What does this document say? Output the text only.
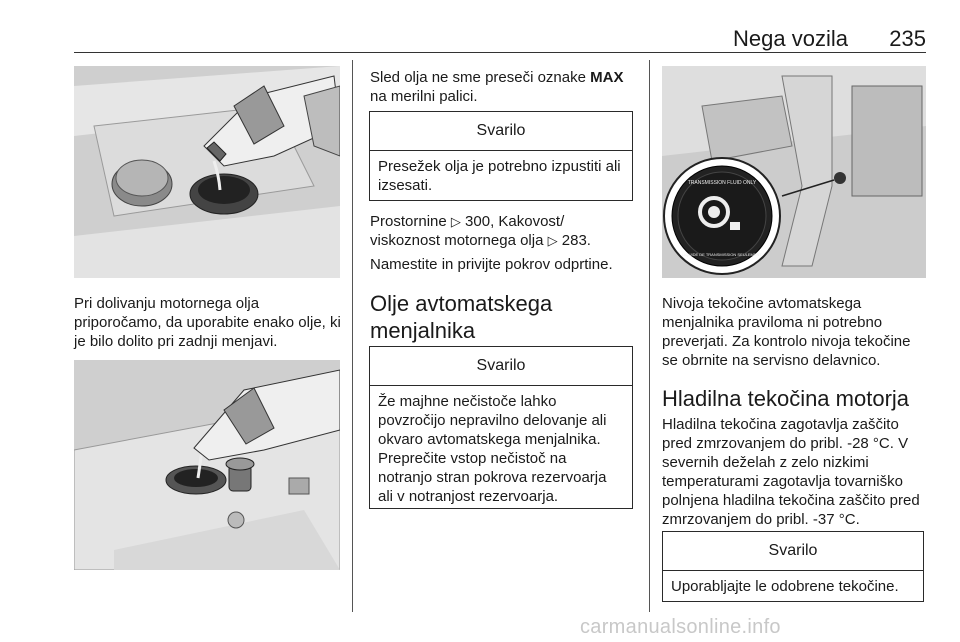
Nega vozila 235

Pri dolivanju motornega olja priporočamo, da uporabite enako olje, ki je bilo dolito pri zadnji menjavi.

Sled olja ne sme preseči oznake MAX na merilni palici.

Svarilo
Presežek olja je potrebno izpustiti ali izsesati.

Prostornine ▷ 300, Kakovost/ viskoznost motornega olja ▷ 283.

Namestite in privijte pokrov odprtine.

Olje avtomatskega menjalnika
Svarilo
Že majhne nečistoče lahko povzročijo nepravilno delovanje ali okvaro avtomatskega menjalnika. Preprečite vstop nečistoč na notranjo stran pokrova rezervoarja ali v notranjost rezervoarja.
TRANSMISSION FLUID ONLY
LIQUIDE DE TRANSMISSION SEULEMENT

Nivoja tekočine avtomatskega menjalnika praviloma ni potrebno preverjati. Za kontrolo nivoja tekočine se obrnite na servisno delavnico.

Hladilna tekočina motorja

Hladilna tekočina zagotavlja zaščito pred zmrzovanjem do pribl. -28 °C. V severnih deželah z zelo nizkimi temperaturami zagotavlja tovarniško polnjena hladilna tekočina zaščito pred zmrzovanjem do pribl. -37 °C.

Svarilo
Uporabljajte le odobrene tekočine.
carmanualsonline.info
